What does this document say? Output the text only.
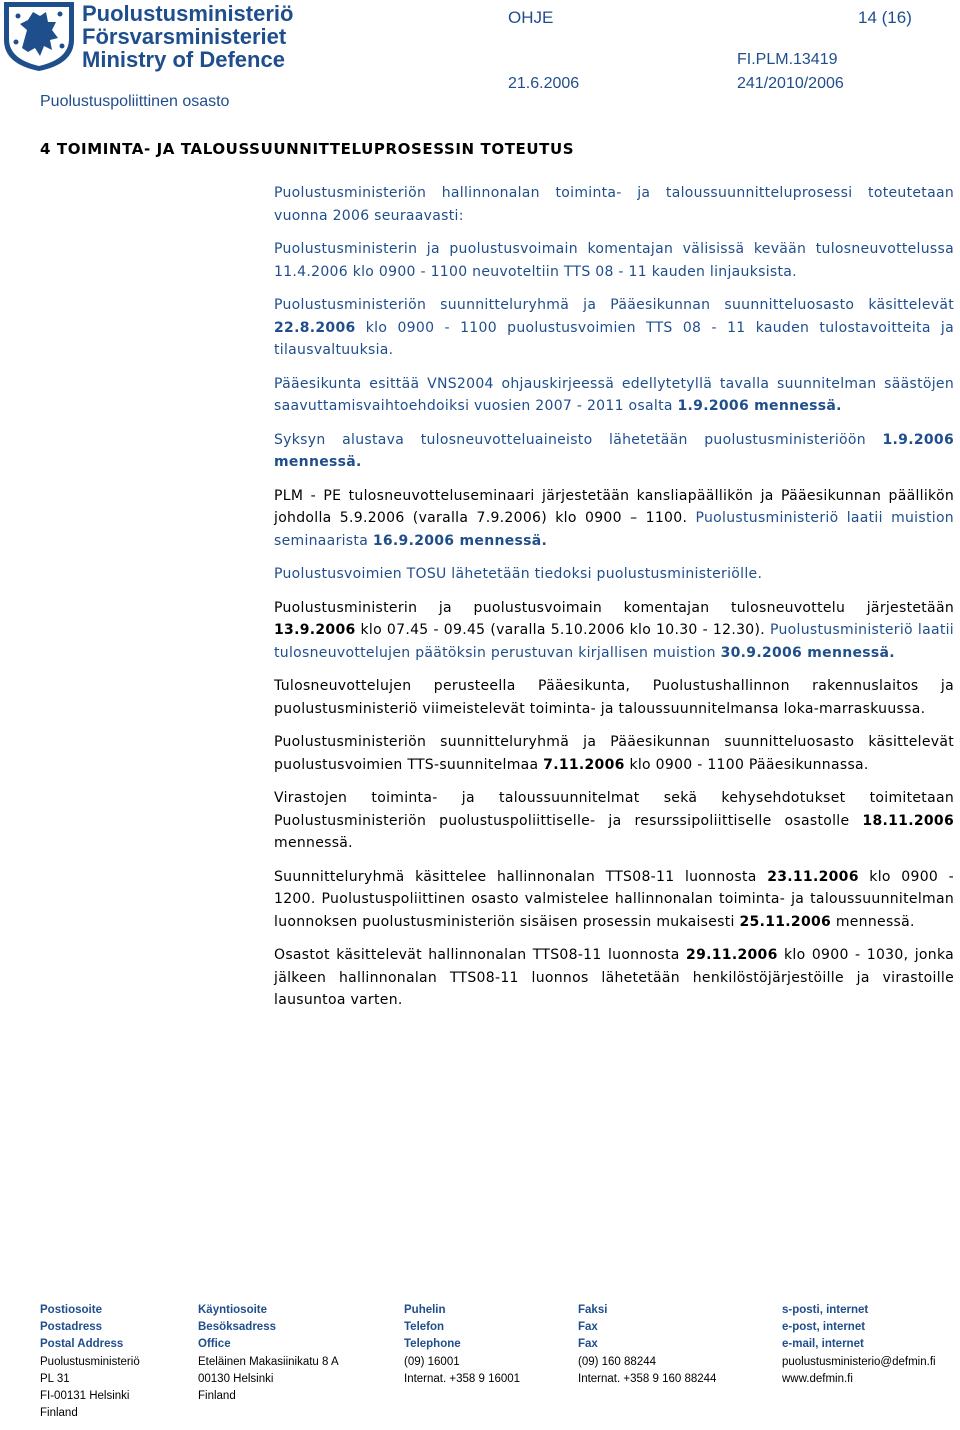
Puolustusministeriö
Försvarsministeriet
Ministry of Defence
Puolustuspoliittinen osasto
OHJE	14 (16)
FI.PLM.13419
21.6.2006	241/2010/2006
4 TOIMINTA- JA TALOUSSUUNNITTELUPROSESSIN TOTEUTUS

Puolustusministeriön hallinnonalan toiminta- ja taloussuunnitteluprosessi toteutetaan vuonna 2006 seuraavasti:

Puolustusministerin ja puolustusvoimain komentajan välisissä kevään tulosneuvottelussa 11.4.2006 klo 0900 - 1100 neuvoteltiin TTS 08 - 11 kauden linjauksista.

Puolustusministeriön suunnitteluryhmä ja Pääesikunnan suunnitteluosasto käsittelevät 22.8.2006 klo 0900 - 1100 puolustusvoimien TTS 08 - 11 kauden tulostavoitteita ja tilausvaltuuksia.

Pääesikunta esittää VNS2004 ohjauskirjeessä edellytetyllä tavalla suunnitelman säästöjen saavuttamisvaihtoehdoiksi vuosien 2007 - 2011 osalta 1.9.2006 mennessä.

Syksyn alustava tulosneuvotteluaineisto lähetetään puolustusministeriöön 1.9.2006 mennessä.

PLM - PE tulosneuvotteluseminaari järjestetään kansliapäällikön ja Pääesikunnan päällikön johdolla 5.9.2006 (varalla 7.9.2006) klo 0900 – 1100. Puolustusministeriö laatii muistion seminaarista 16.9.2006 mennessä.

Puolustusvoimien TOSU lähetetään tiedoksi puolustusministeriölle.

Puolustusministerin ja puolustusvoimain komentajan tulosneuvottelu järjestetään 13.9.2006 klo 07.45 - 09.45 (varalla 5.10.2006 klo 10.30 - 12.30). Puolustusministeriö laatii tulosneuvottelujen päätöksin perustuvan kirjallisen muistion 30.9.2006 mennessä.

Tulosneuvottelujen perusteella Pääesikunta, Puolustushallinnon rakennuslaitos ja puolustusministeriö viimeistelevät toiminta- ja taloussuunnitelmansa loka-marraskuussa.

Puolustusministeriön suunnitteluryhmä ja Pääesikunnan suunnitteluosasto käsittelevät puolustusvoimien TTS-suunnitelmaa 7.11.2006 klo 0900 - 1100 Pääesikunnassa.

Virastojen toiminta- ja taloussuunnitelmat sekä kehysehdotukset toimitetaan Puolustusministeriön puolustuspoliittiselle- ja resurssipoliittiselle osastolle 18.11.2006 mennessä.

Suunnitteluryhmä käsittelee hallinnonalan TTS08-11 luonnosta 23.11.2006 klo 0900 - 1200. Puolustuspoliittinen osasto valmistelee hallinnonalan toiminta- ja taloussuunnitelman luonnoksen puolustusministeriön sisäisen prosessin mukaisesti 25.11.2006 mennessä.

Osastot käsittelevät hallinnonalan TTS08-11 luonnosta 29.11.2006 klo 0900 - 1030, jonka jälkeen hallinnonalan TTS08-11 luonnos lähetetään henkilöstöjärjestöille ja virastoille lausuntoa varten.

Postiosoite
Postadress
Postal Address
Puolustusministeriö
PL 31
FI-00131 Helsinki
Finland
Käyntiosoite
Besöksadress
Office
Eteläinen Makasiinikatu 8 A
00130 Helsinki
Finland
Puhelin
Telefon
Telephone
(09) 16001
Internat. +358 9 16001
Faksi
Fax
Fax
(09) 160 88244
Internat. +358 9 160 88244
s-posti, internet
e-post, internet
e-mail, internet
puolustusministerio@defmin.fi
www.defmin.fi
